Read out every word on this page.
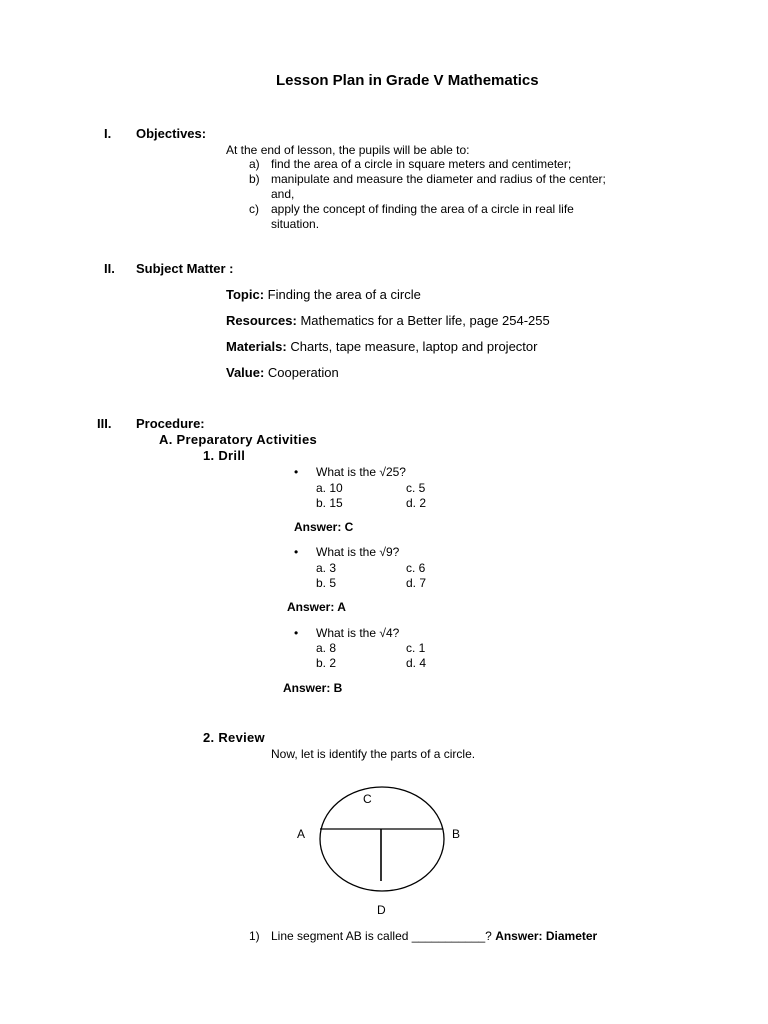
Lesson Plan in Grade V Mathematics
I. Objectives:
At the end of lesson, the pupils will be able to:
a) find the area of a circle in square meters and centimeter;
b) manipulate and measure the diameter and radius of the center;
and,
c) apply the concept of finding the area of a circle in real life
situation.
II. Subject Matter :
Topic: Finding the area of a circle
Resources: Mathematics for a Better life, page 254-255
Materials: Charts, tape measure, laptop and projector
Value: Cooperation
III. Procedure:
A. Preparatory Activities
1. Drill
• What is the √25?
a. 10	c. 5
b. 15	d. 2
Answer: C
• What is the √9?
a. 3	c. 6
b. 5	d. 7
Answer: A
• What is the √4?
a. 8	c. 1
b. 2	d. 4
Answer: B
2. Review
Now, let is identify the parts of a circle.
C
A	B
D
1) Line segment AB is called ___________? Answer: Diameter
